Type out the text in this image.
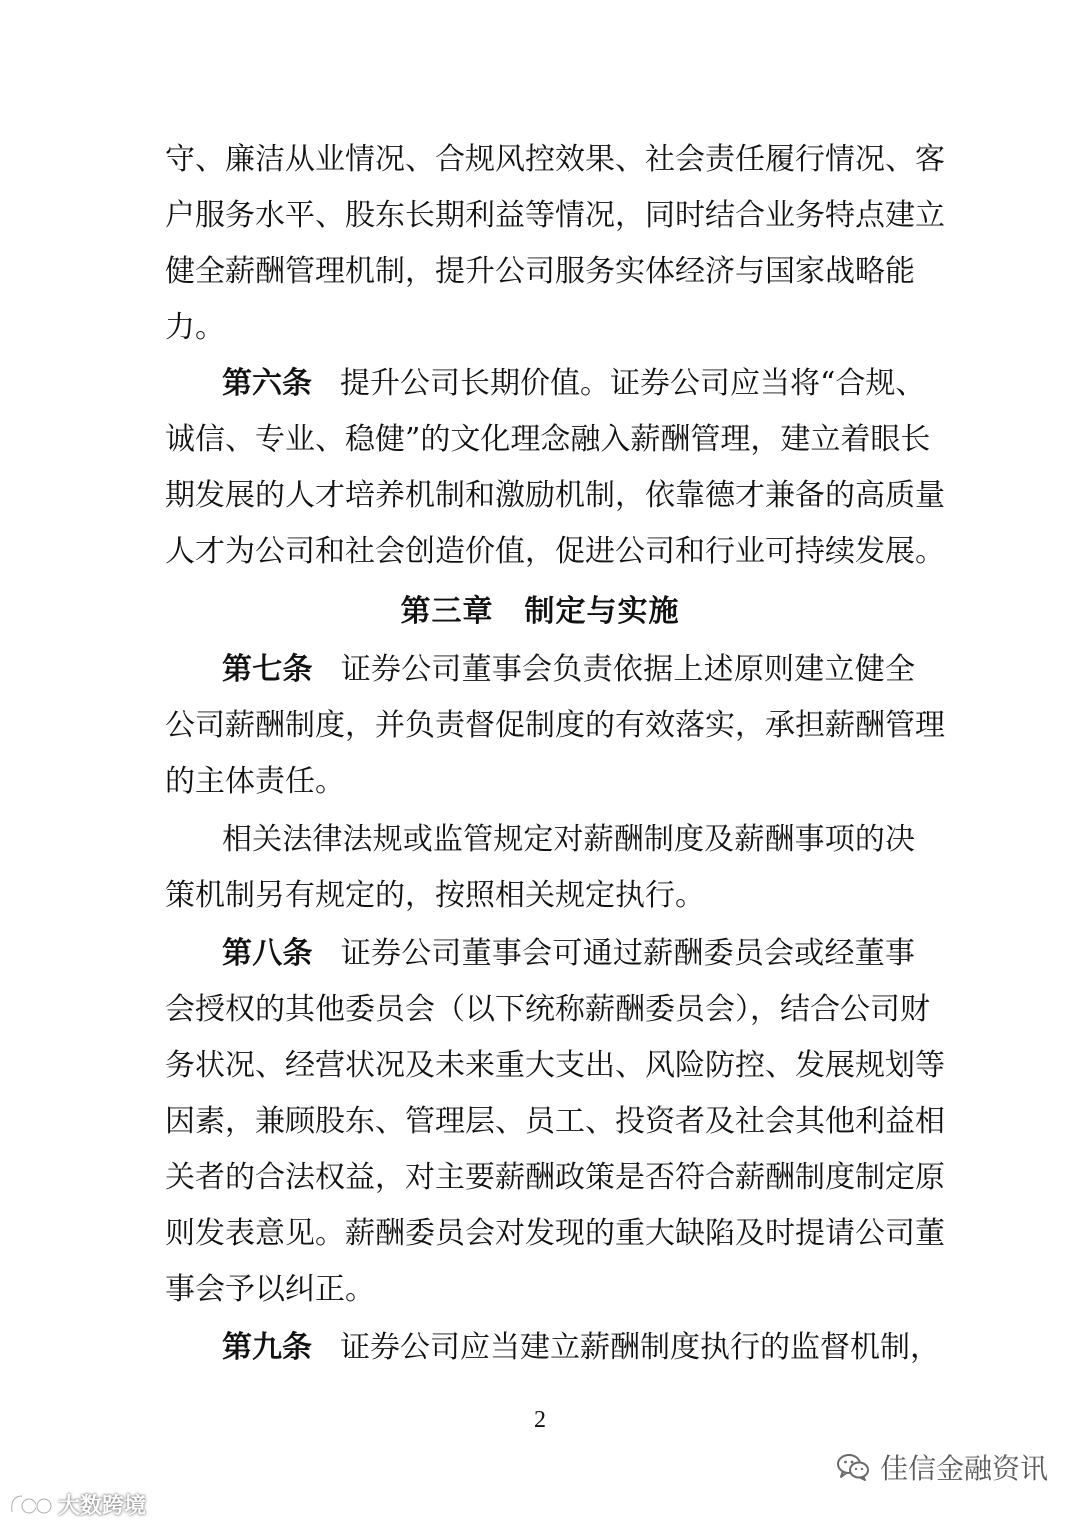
守、廉洁从业情况、合规风控效果、社会责任履行情况、客
户服务水平、股东长期利益等情况，同时结合业务特点建立
健全薪酬管理机制，提升公司服务实体经济与国家战略能
力。
第六条 提升公司长期价值。证券公司应当将“合规、
诚信、专业、稳健”的文化理念融入薪酬管理，建立着眼长
期发展的人才培养机制和激励机制，依靠德才兼备的高质量
人才为公司和社会创造价值，促进公司和行业可持续发展。
第三章　制定与实施
第七条 证券公司董事会负责依据上述原则建立健全
公司薪酬制度，并负责督促制度的有效落实，承担薪酬管理
的主体责任。
相关法律法规或监管规定对薪酬制度及薪酬事项的决
策机制另有规定的，按照相关规定执行。
第八条 证券公司董事会可通过薪酬委员会或经董事
会授权的其他委员会（以下统称薪酬委员会），结合公司财
务状况、经营状况及未来重大支出、风险防控、发展规划等
因素，兼顾股东、管理层、员工、投资者及社会其他利益相
关者的合法权益，对主要薪酬政策是否符合薪酬制度制定原
则发表意见。薪酬委员会对发现的重大缺陷及时提请公司董
事会予以纠正。
第九条 证券公司应当建立薪酬制度执行的监督机制，
2
佳信金融资讯
大数跨境
